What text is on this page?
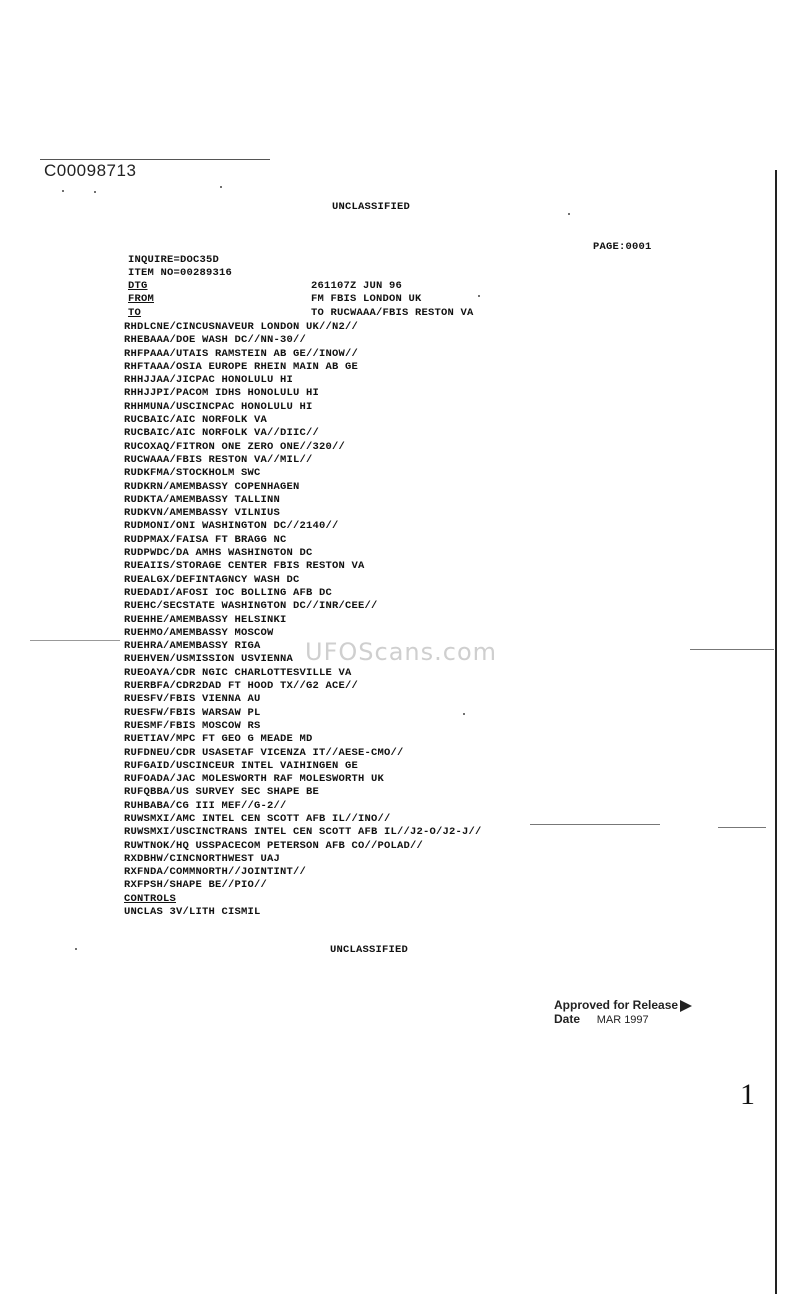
C00098713
UNCLASSIFIED
PAGE:0001
INQUIRE=DOC35D
ITEM NO=00289316
DTG	261107Z JUN 96
FROM	FM FBIS LONDON UK
TO	TO RUCWAAA/FBIS RESTON VA
RHDLCNE/CINCUSNAVEUR LONDON UK//N2//
RHEBAAA/DOE WASH DC//NN-30//
RHFPAAA/UTAIS RAMSTEIN AB GE//INOW//
RHFTAAA/OSIA EUROPE RHEIN MAIN AB GE
RHHJJAA/JICPAC HONOLULU HI
RHHJJPI/PACOM IDHS HONOLULU HI
RHHMUNA/USCINCPAC HONOLULU HI
RUCBAIC/AIC NORFOLK VA
RUCBAIC/AIC NORFOLK VA//DIIC//
RUCOXAQ/FITRON ONE ZERO ONE//320//
RUCWAAA/FBIS RESTON VA//MIL//
RUDKFMA/STOCKHOLM SWC
RUDKRN/AMEMBASSY COPENHAGEN
RUDKTA/AMEMBASSY TALLINN
RUDKVN/AMEMBASSY VILNIUS
RUDMONI/ONI WASHINGTON DC//2140//
RUDPMAX/FAISA FT BRAGG NC
RUDPWDC/DA AMHS WASHINGTON DC
RUEAIIS/STORAGE CENTER FBIS RESTON VA
RUEALGX/DEFINTAGNCY WASH DC
RUEDADI/AFOSI IOC BOLLING AFB DC
RUEHC/SECSTATE WASHINGTON DC//INR/CEE//
RUEHHE/AMEMBASSY HELSINKI
RUEHMO/AMEMBASSY MOSCOW
RUEHRA/AMEMBASSY RIGA
RUEHVEN/USMISSION USVIENNA
RUEOAYA/CDR NGIC CHARLOTTESVILLE VA
RUERBFA/CDR2DAD FT HOOD TX//G2 ACE//
RUESFV/FBIS VIENNA AU
RUESFW/FBIS WARSAW PL
RUESMF/FBIS MOSCOW RS
RUETIAV/MPC FT GEO G MEADE MD
RUFDNEU/CDR USASETAF VICENZA IT//AESE-CMO//
RUFGAID/USCINCEUR INTEL VAIHINGEN GE
RUFOADA/JAC MOLESWORTH RAF MOLESWORTH UK
RUFQBBA/US SURVEY SEC SHAPE BE
RUHBABA/CG III MEF//G-2//
RUWSMXI/AMC INTEL CEN SCOTT AFB IL//INO//
RUWSMXI/USCINCTRANS INTEL CEN SCOTT AFB IL//J2-O/J2-J//
RUWTNOK/HQ USSPACECOM PETERSON AFB CO//POLAD//
RXDBHW/CINCNORTHWEST UAJ
RXFNDA/COMMNORTH//JOINTINT//
RXFPSH/SHAPE BE//PIO//
CONTROLS
UNCLAS 3V/LITH CISMIL
UFOScans.com
UNCLASSIFIED
Approved for Release
Date MAR 1997
1
